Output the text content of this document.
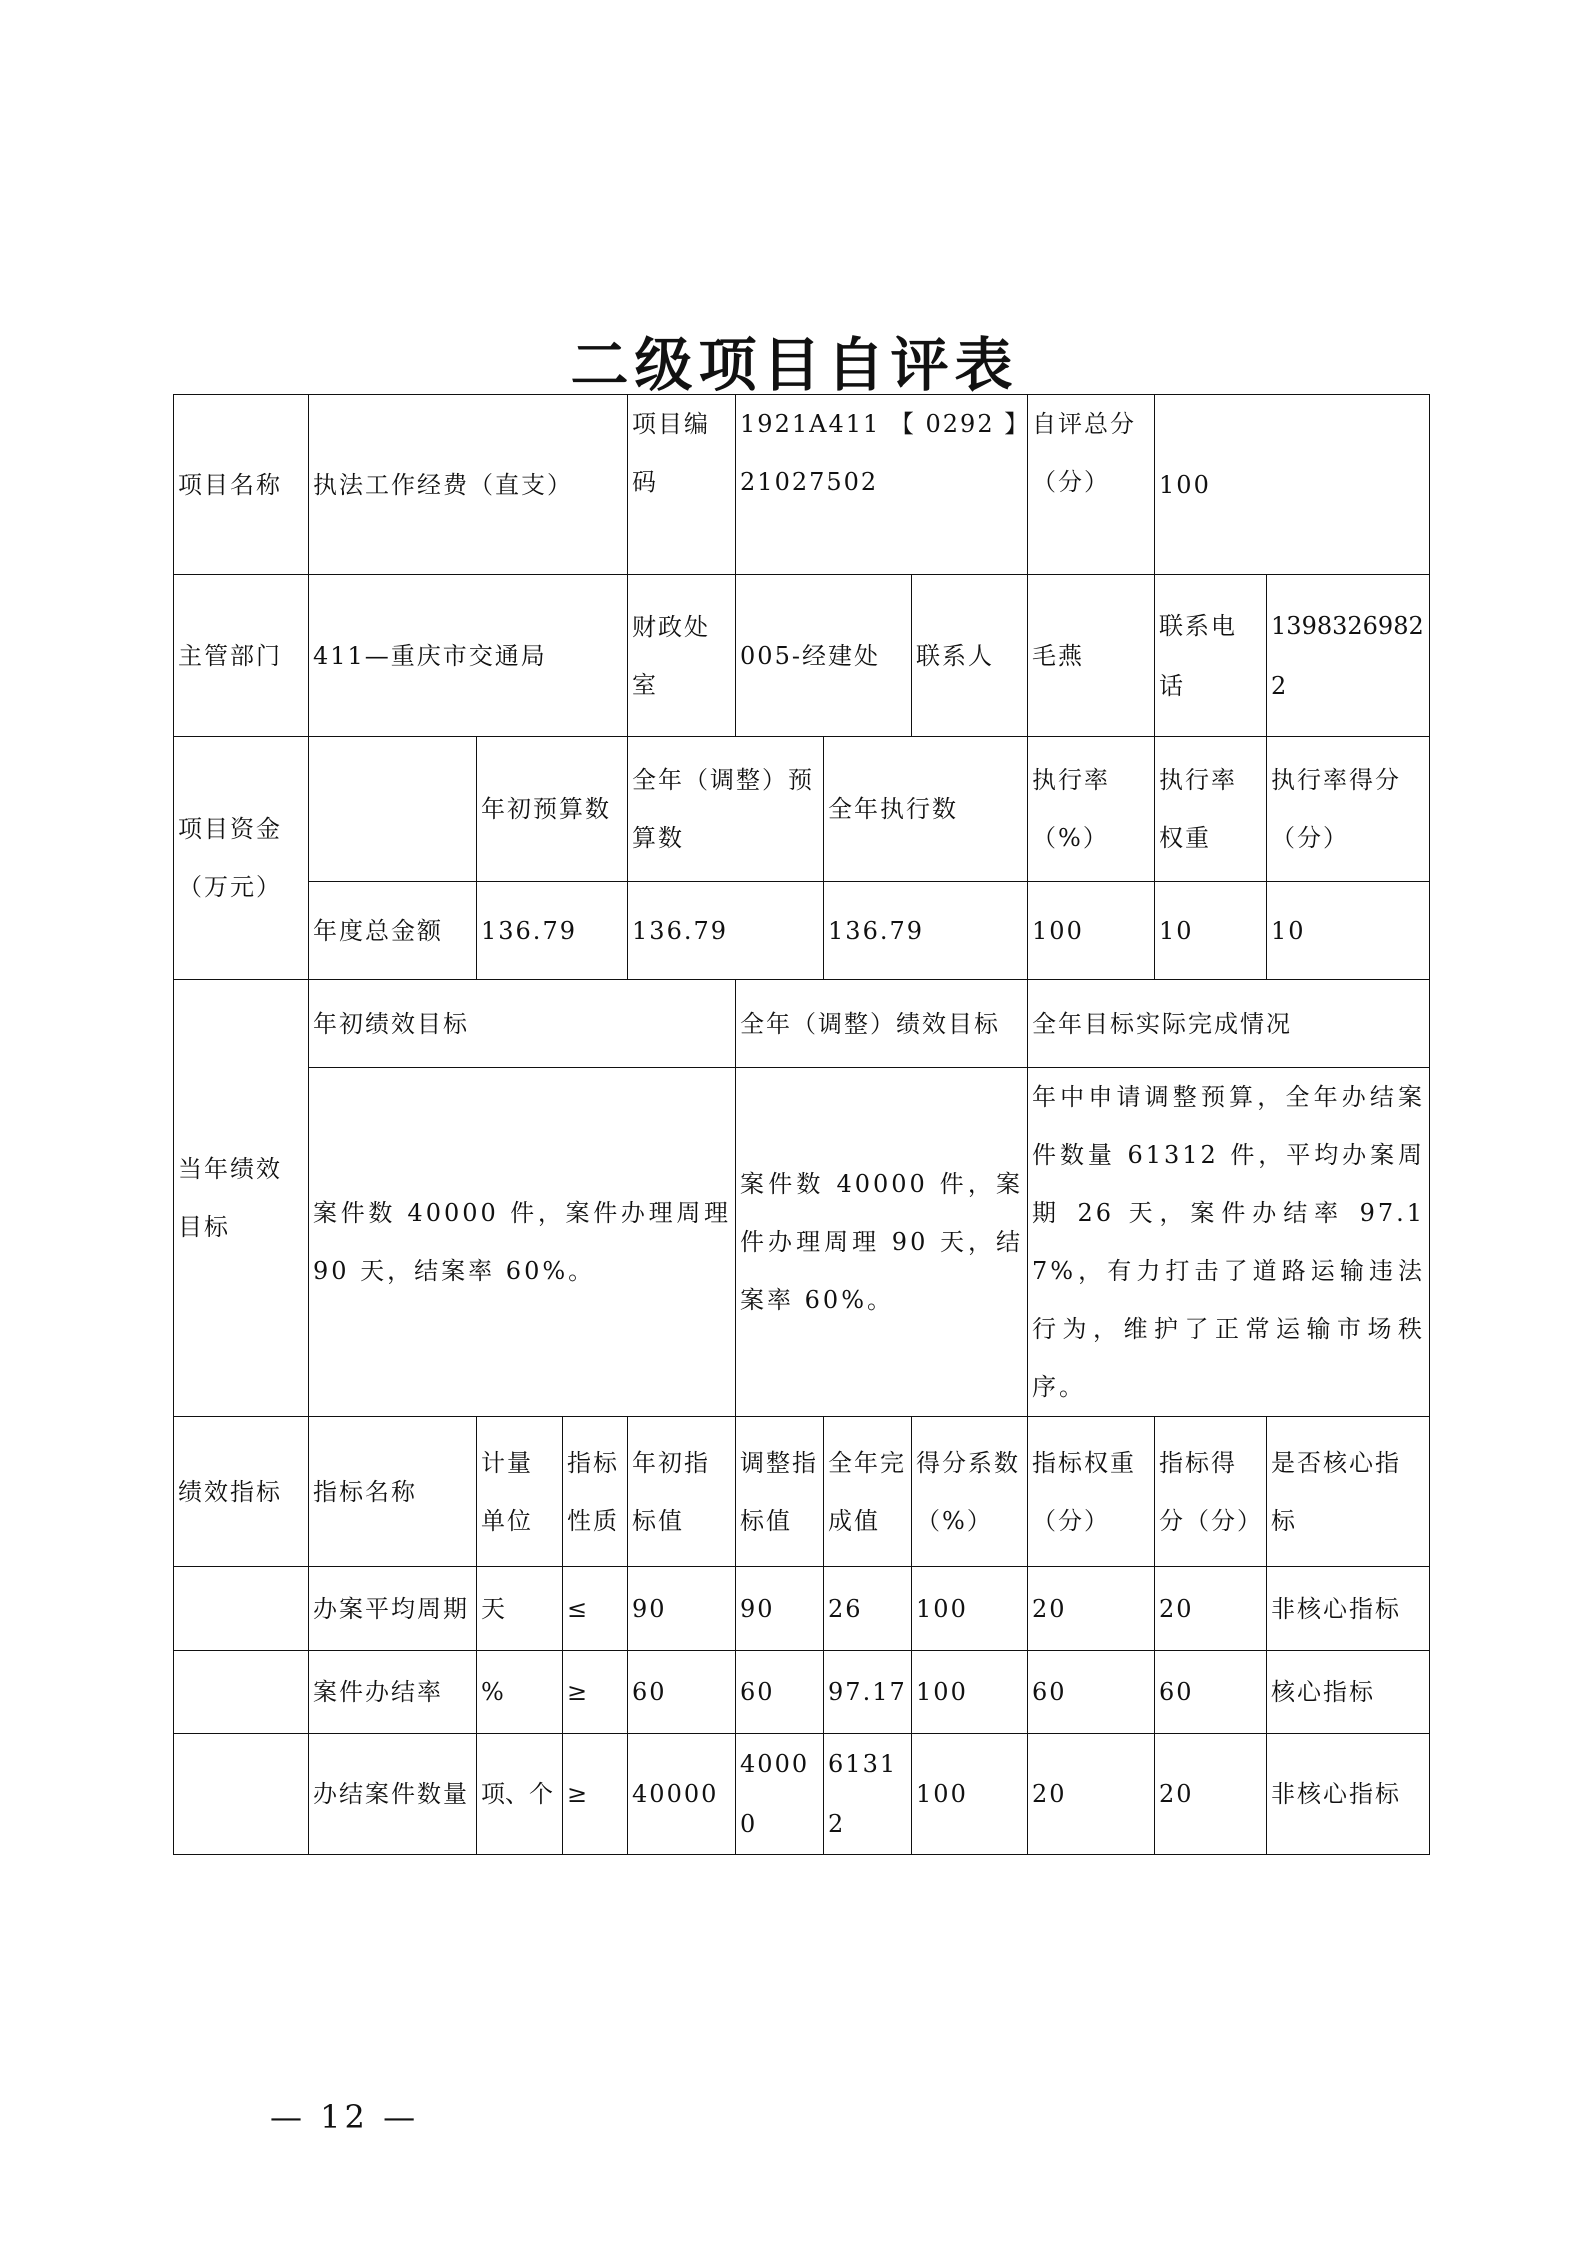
二级项目自评表
项目名称	执法工作经费（直支）			项目编码	1921A411 【 0292 】21027502			自评总分（分）	100	
主管部门	411—重庆市交通局			财政处室	005-经建处		联系人	毛燕	联系电话	13983269822
项目资金（万元）		年初预算数		全年（调整）预算数		全年执行数		执行率（%）	执行率权重	执行率得分（分）
	年度总金额	136.79		136.79		136.79		100	10	10
当年绩效目标	年初绩效目标				全年（调整）绩效目标			全年目标实际完成情况		
	案件数 40000 件，案件办理周理 90 天，结案率 60%。				案件数 40000 件，案件办理周理 90 天，结案率 60%。			年中申请调整预算，全年办结案件数量 61312 件，平均办案周期 26 天，案件办结率 97.17%，有力打击了道路运输违法行为，维护了正常运输市场秩序。		
绩效指标	指标名称	计量单位	指标性质	年初指标值	调整指标值	全年完成值	得分系数（%）	指标权重（分）	指标得分（分）	是否核心指标
	办案平均周期	天	≤	90	90	26	100	20	20	非核心指标
	案件办结率	%	≥	60	60	97.17	100	60	60	核心指标
	办结案件数量	项、个	≥	40000	40000	61312	100	20	20	非核心指标
— 12 —
